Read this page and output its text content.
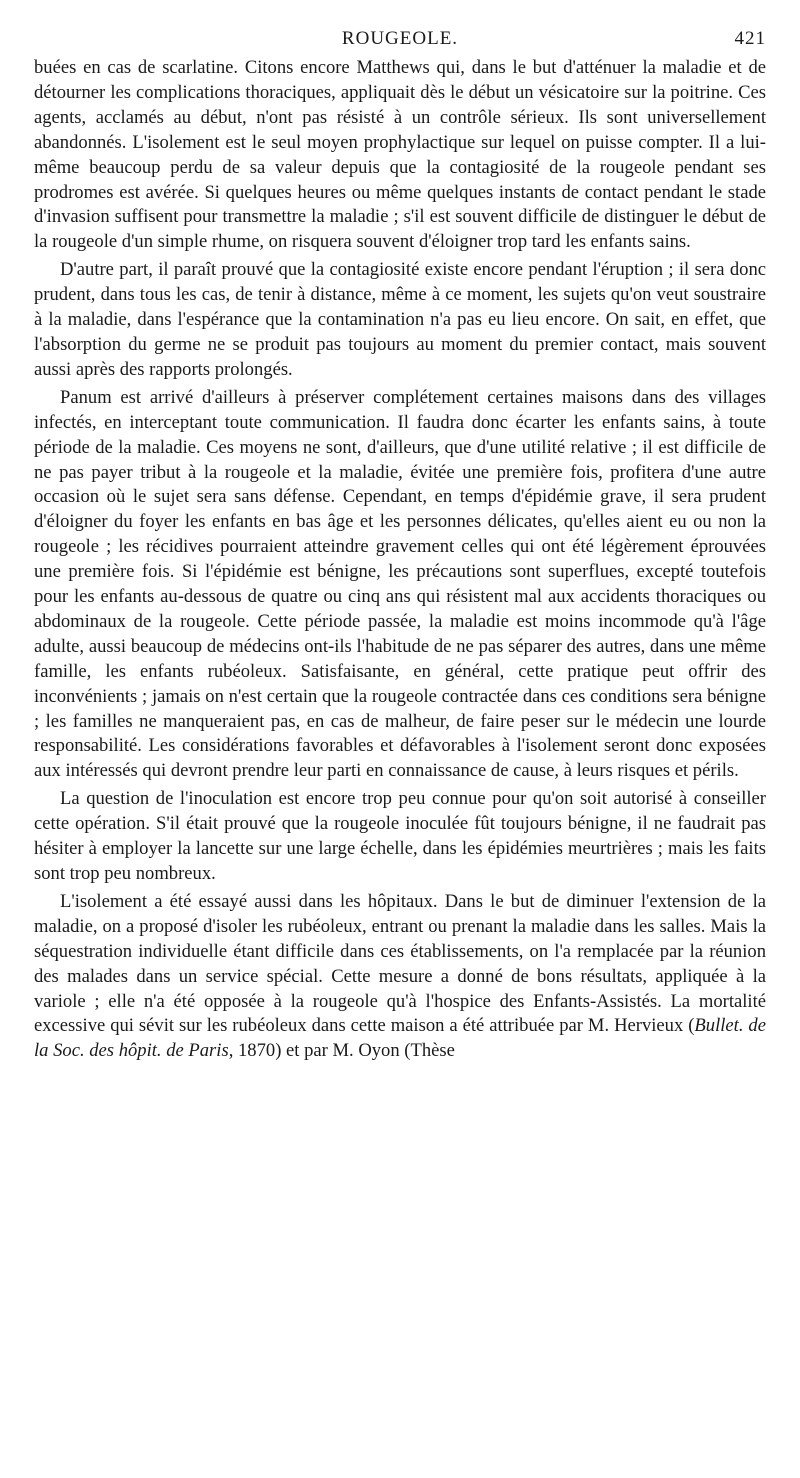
ROUGEOLE.	421

buées en cas de scarlatine. Citons encore Matthews qui, dans le but d'atténuer la maladie et de détourner les complications thoraciques, appliquait dès le début un vésicatoire sur la poitrine. Ces agents, acclamés au début, n'ont pas résisté à un contrôle sérieux. Ils sont universellement abandonnés. L'isolement est le seul moyen prophylactique sur lequel on puisse compter. Il a lui-même beaucoup perdu de sa valeur depuis que la contagiosité de la rougeole pendant ses prodromes est avérée. Si quelques heures ou même quelques instants de contact pendant le stade d'invasion suffisent pour transmettre la maladie ; s'il est souvent difficile de distinguer le début de la rougeole d'un simple rhume, on risquera souvent d'éloigner trop tard les enfants sains.

D'autre part, il paraît prouvé que la contagiosité existe encore pendant l'éruption ; il sera donc prudent, dans tous les cas, de tenir à distance, même à ce moment, les sujets qu'on veut soustraire à la maladie, dans l'espérance que la contamination n'a pas eu lieu encore. On sait, en effet, que l'absorption du germe ne se produit pas toujours au moment du premier contact, mais souvent aussi après des rapports prolongés.

Panum est arrivé d'ailleurs à préserver complétement certaines maisons dans des villages infectés, en interceptant toute communication. Il faudra donc écarter les enfants sains, à toute période de la maladie. Ces moyens ne sont, d'ailleurs, que d'une utilité relative ; il est difficile de ne pas payer tribut à la rougeole et la maladie, évitée une première fois, profitera d'une autre occasion où le sujet sera sans défense. Cependant, en temps d'épidémie grave, il sera prudent d'éloigner du foyer les enfants en bas âge et les personnes délicates, qu'elles aient eu ou non la rougeole ; les récidives pourraient atteindre gravement celles qui ont été légèrement éprouvées une première fois. Si l'épidémie est bénigne, les précautions sont superflues, excepté toutefois pour les enfants au-dessous de quatre ou cinq ans qui résistent mal aux accidents thoraciques ou abdominaux de la rougeole. Cette période passée, la maladie est moins incommode qu'à l'âge adulte, aussi beaucoup de médecins ont-ils l'habitude de ne pas séparer des autres, dans une même famille, les enfants rubéoleux. Satisfaisante, en général, cette pratique peut offrir des inconvénients ; jamais on n'est certain que la rougeole contractée dans ces conditions sera bénigne ; les familles ne manqueraient pas, en cas de malheur, de faire peser sur le médecin une lourde responsabilité. Les considérations favorables et défavorables à l'isolement seront donc exposées aux intéressés qui devront prendre leur parti en connaissance de cause, à leurs risques et périls.

La question de l'inoculation est encore trop peu connue pour qu'on soit autorisé à conseiller cette opération. S'il était prouvé que la rougeole inoculée fût toujours bénigne, il ne faudrait pas hésiter à employer la lancette sur une large échelle, dans les épidémies meurtrières ; mais les faits sont trop peu nombreux.

L'isolement a été essayé aussi dans les hôpitaux. Dans le but de diminuer l'extension de la maladie, on a proposé d'isoler les rubéoleux, entrant ou prenant la maladie dans les salles. Mais la séquestration individuelle étant difficile dans ces établissements, on l'a remplacée par la réunion des malades dans un service spécial. Cette mesure a donné de bons résultats, appliquée à la variole ; elle n'a été opposée à la rougeole qu'à l'hospice des Enfants-Assistés. La mortalité excessive qui sévit sur les rubéoleux dans cette maison a été attribuée par M. Hervieux (Bullet. de la Soc. des hôpit. de Paris, 1870) et par M. Oyon (Thèse
